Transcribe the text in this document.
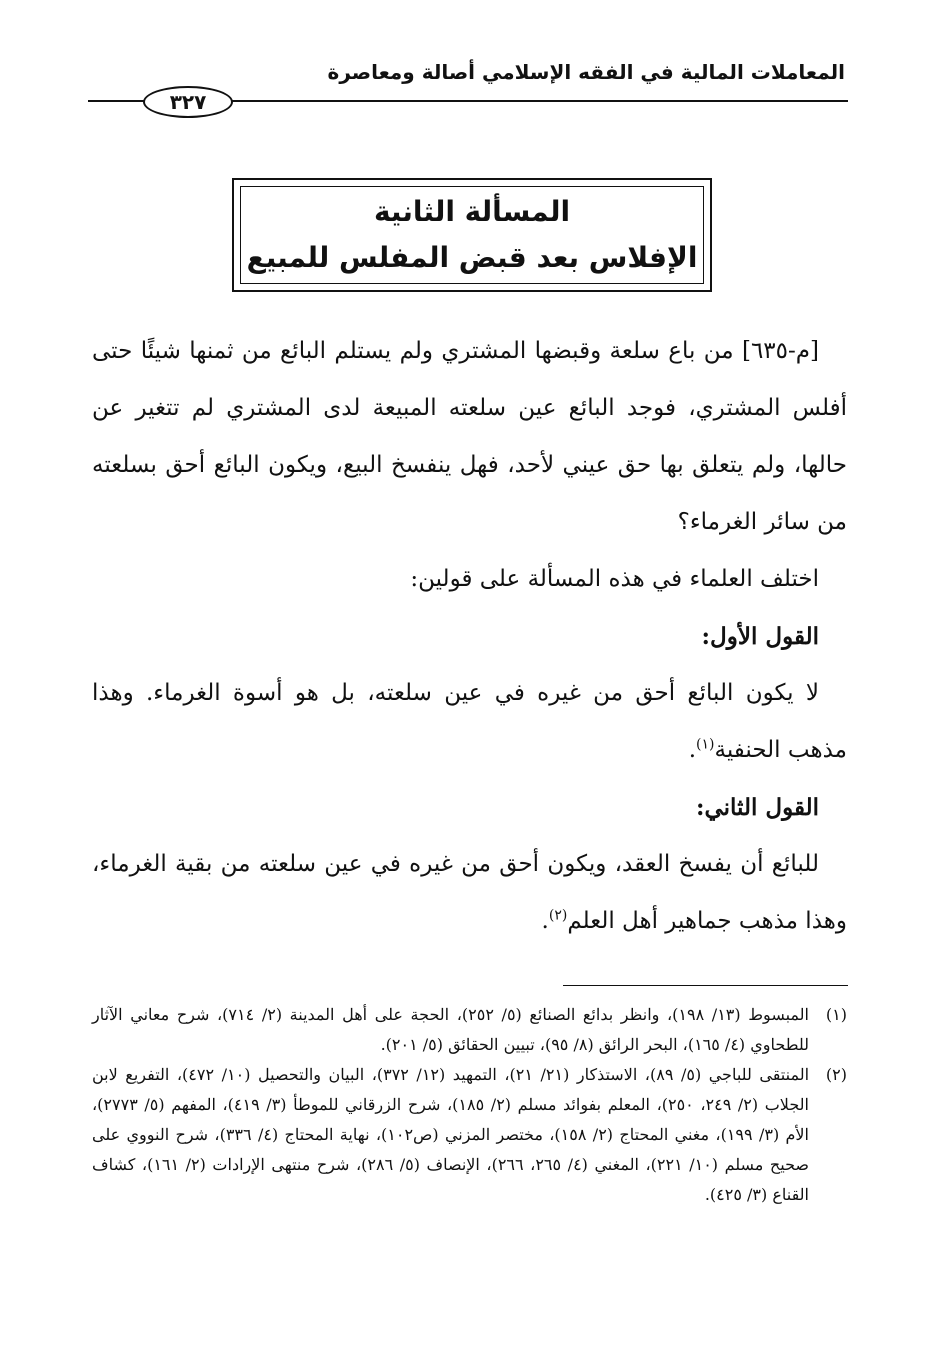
المعاملات المالية في الفقه الإسلامي أصالة ومعاصرة
٣٢٧
المسألة الثانية
الإفلاس بعد قبض المفلس للمبيع

[م-٦٣٥] من باع سلعة وقبضها المشتري ولم يستلم البائع من ثمنها شيئًا حتى أفلس المشتري، فوجد البائع عين سلعته المبيعة لدى المشتري لم تتغير عن حالها، ولم يتعلق بها حق عيني لأحد، فهل ينفسخ البيع، ويكون البائع أحق بسلعته من سائر الغرماء؟

اختلف العلماء في هذه المسألة على قولين:

القول الأول:

لا يكون البائع أحق من غيره في عين سلعته، بل هو أسوة الغرماء. وهذا مذهب الحنفية$^{(١)}$.

القول الثاني:

للبائع أن يفسخ العقد، ويكون أحق من غيره في عين سلعته من بقية الغرماء، وهذا مذهب جماهير أهل العلم$^{(٢)}$.

(١)
المبسوط (١٣/ ١٩٨)، وانظر بدائع الصنائع (٥/ ٢٥٢)، الحجة على أهل المدينة (٢/ ٧١٤)، شرح معاني الآثار للطحاوي (٤/ ١٦٥)، البحر الرائق (٨/ ٩٥)، تبيين الحقائق (٥/ ٢٠١).
(٢)
المنتقى للباجي (٥/ ٨٩)، الاستذكار (٢١/ ٢١)، التمهيد (١٢/ ٣٧٢)، البيان والتحصيل (١٠/ ٤٧٢)، التفريع لابن الجلاب (٢/ ٢٤٩، ٢٥٠)، المعلم بفوائد مسلم (٢/ ١٨٥)، شرح الزرقاني للموطأ (٣/ ٤١٩)، المفهم (٥/ ٢٧٧٣)، الأم (٣/ ١٩٩)، مغني المحتاج (٢/ ١٥٨)، مختصر المزني (ص١٠٢)، نهاية المحتاج (٤/ ٣٣٦)، شرح النووي على صحيح مسلم (١٠/ ٢٢١)، المغني (٤/ ٢٦٥، ٢٦٦)، الإنصاف (٥/ ٢٨٦)، شرح منتهى الإرادات (٢/ ١٦١)، كشاف القناع (٣/ ٤٢٥).
